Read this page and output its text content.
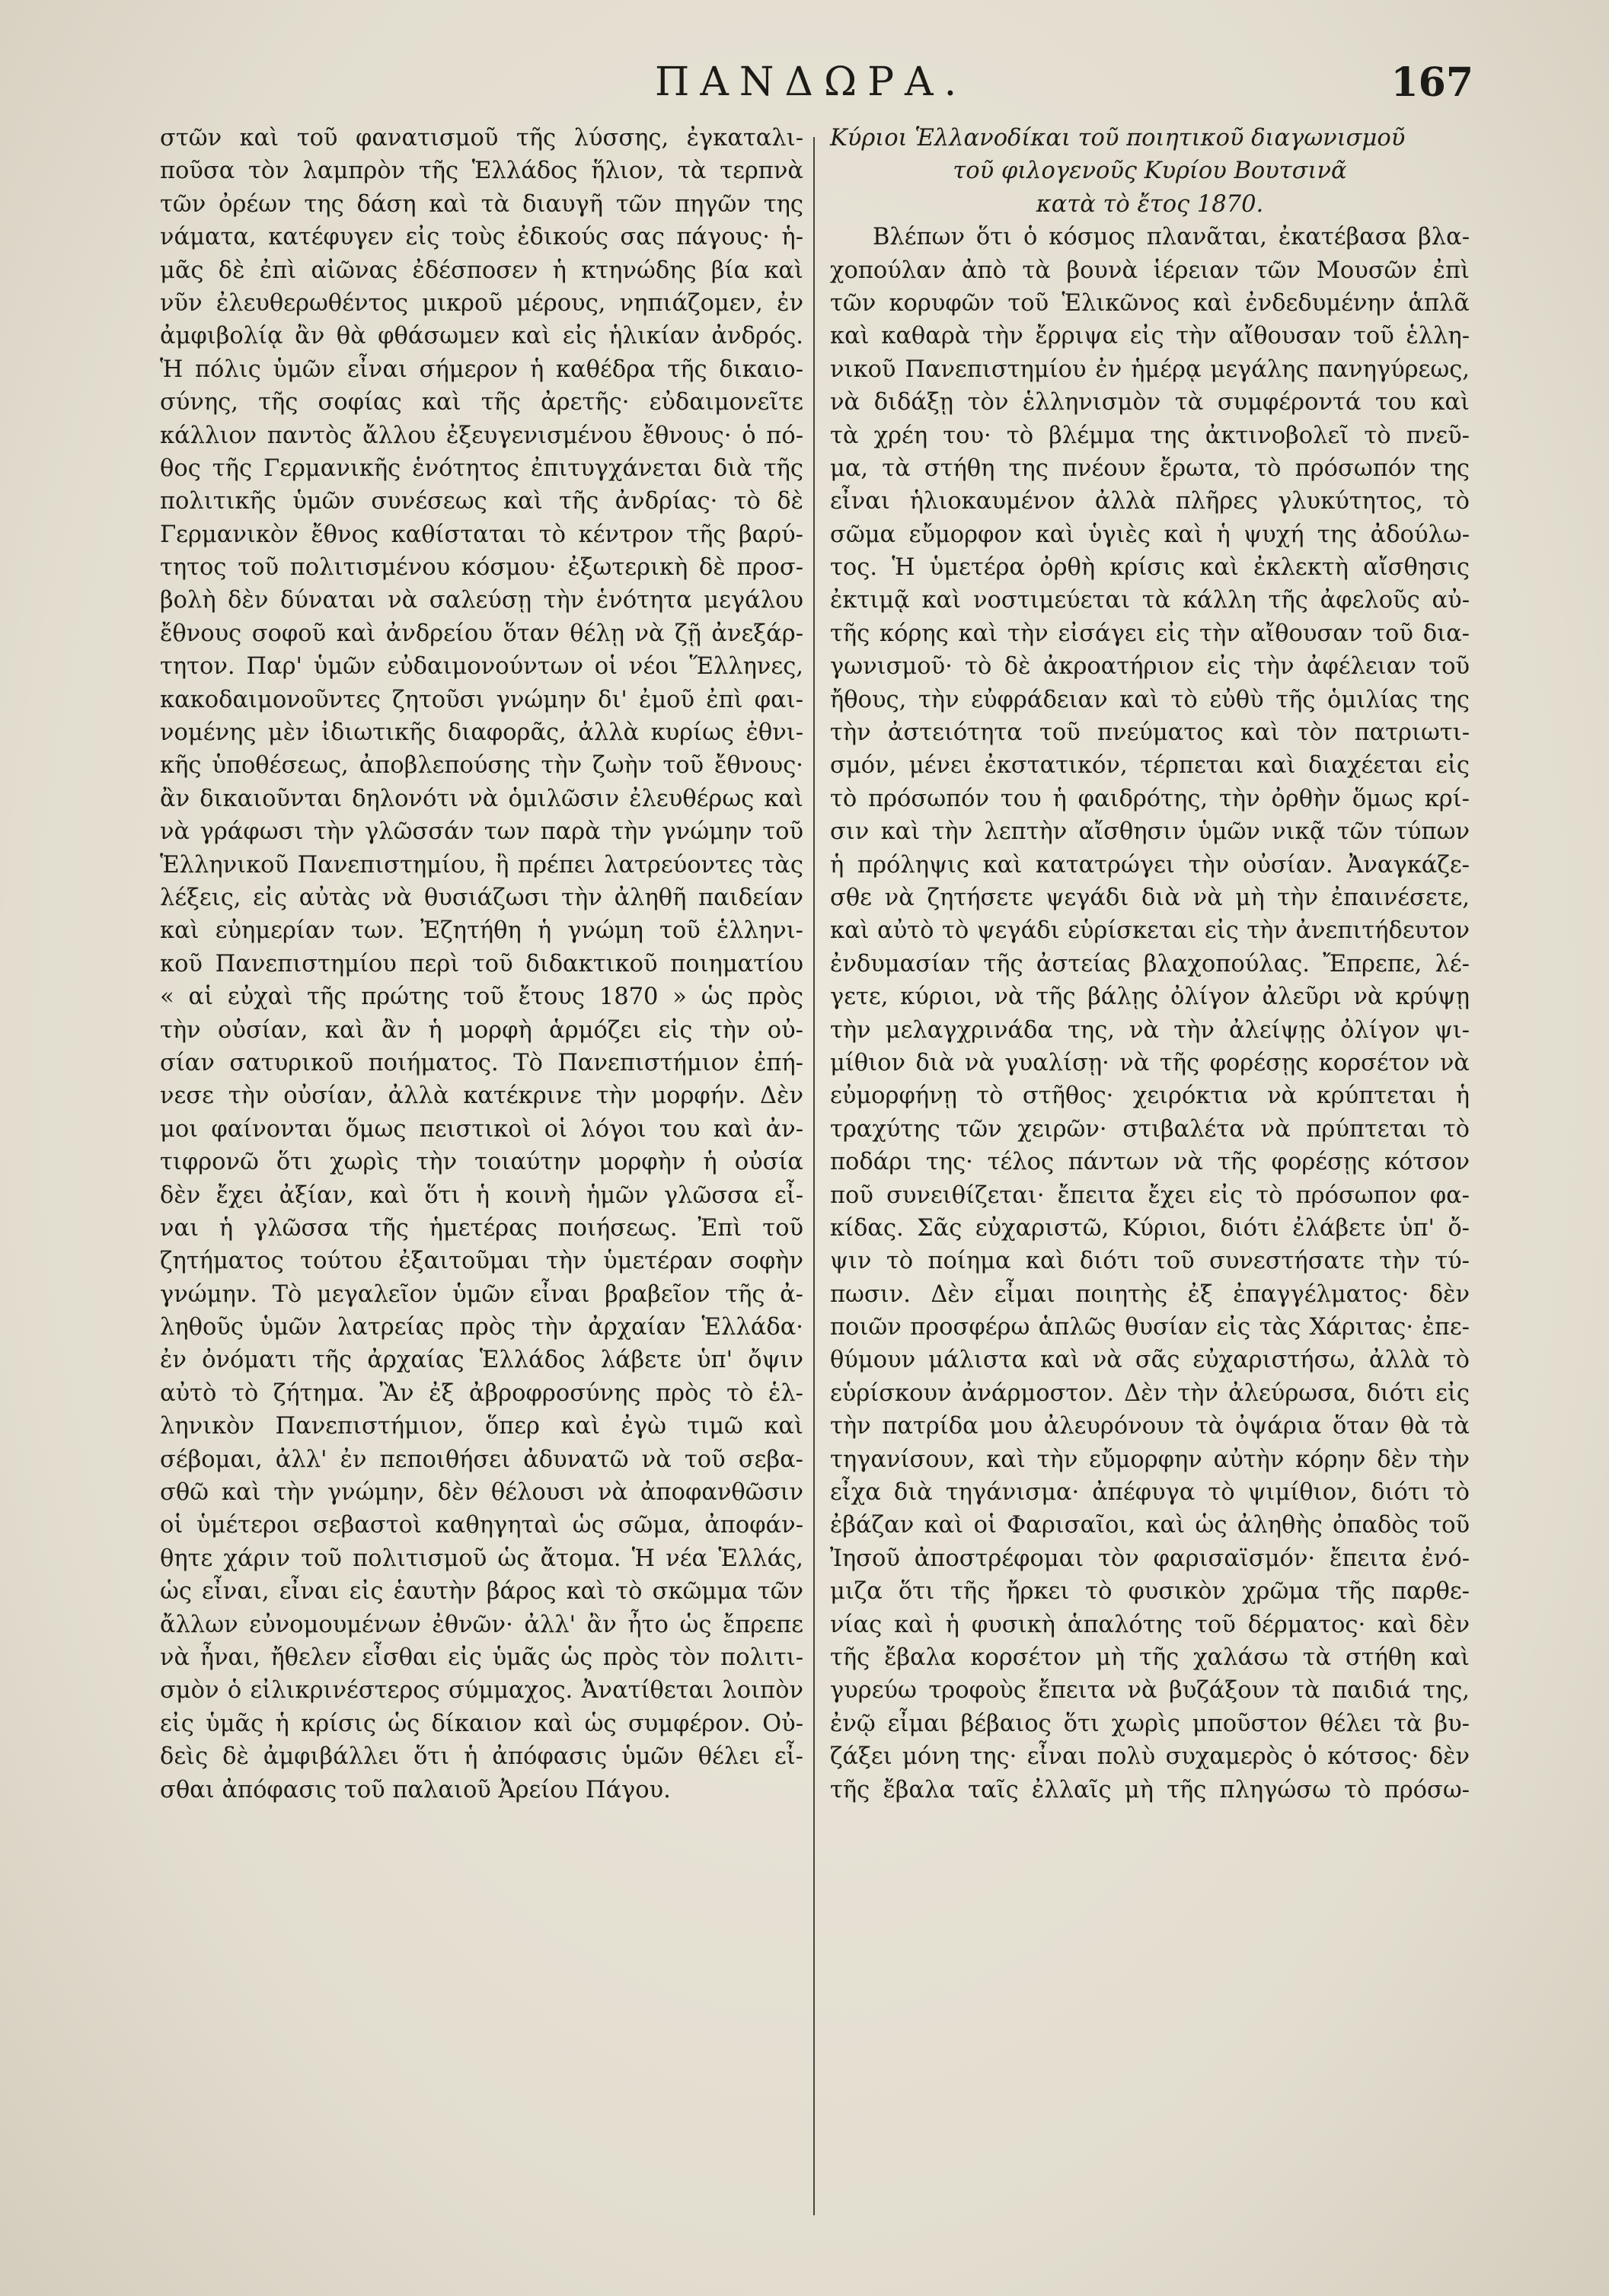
ΠΑΝΔΩΡΑ.	167
στῶν καὶ τοῦ φανατισμοῦ τῆς λύσσης, ἐγκαταλι-
ποῦσα τὸν λαμπρὸν τῆς Ἑλλάδος ἥλιον, τὰ τερπνὰ
τῶν ὀρέων της δάση καὶ τὰ διαυγῆ τῶν πηγῶν της
νάματα, κατέφυγεν εἰς τοὺς ἐδικούς σας πάγους· ἡ-
μᾶς δὲ ἐπὶ αἰῶνας ἐδέσποσεν ἡ κτηνώδης βία καὶ
νῦν ἐλευθερωθέντος μικροῦ μέρους, νηπιάζομεν, ἐν
ἀμφιβολίᾳ ἂν θὰ φθάσωμεν καὶ εἰς ἡλικίαν ἀνδρός.
Ἡ πόλις ὑμῶν εἶναι σήμερον ἡ καθέδρα τῆς δικαιο-
σύνης, τῆς σοφίας καὶ τῆς ἀρετῆς· εὐδαιμονεῖτε
κάλλιον παντὸς ἄλλου ἐξευγενισμένου ἔθνους· ὁ πό-
θος τῆς Γερμανικῆς ἑνότητος ἐπιτυγχάνεται διὰ τῆς
πολιτικῆς ὑμῶν συνέσεως καὶ τῆς ἀνδρίας· τὸ δὲ
Γερμανικὸν ἔθνος καθίσταται τὸ κέντρον τῆς βαρύ-
τητος τοῦ πολιτισμένου κόσμου· ἐξωτερικὴ δὲ προσ-
βολὴ δὲν δύναται νὰ σαλεύσῃ τὴν ἑνότητα μεγάλου
ἔθνους σοφοῦ καὶ ἀνδρείου ὅταν θέλῃ νὰ ζῇ ἀνεξάρ-
τητον. Παρ' ὑμῶν εὐδαιμονούντων οἱ νέοι Ἕλληνες,
κακοδαιμονοῦντες ζητοῦσι γνώμην δι' ἐμοῦ ἐπὶ φαι-
νομένης μὲν ἰδιωτικῆς διαφορᾶς, ἀλλὰ κυρίως ἐθνι-
κῆς ὑποθέσεως, ἀποβλεπούσης τὴν ζωὴν τοῦ ἔθνους·
ἂν δικαιοῦνται δηλονότι νὰ ὁμιλῶσιν ἐλευθέρως καὶ
νὰ γράφωσι τὴν γλῶσσάν των παρὰ τὴν γνώμην τοῦ
Ἑλληνικοῦ Πανεπιστημίου, ἢ πρέπει λατρεύοντες τὰς
λέξεις, εἰς αὐτὰς νὰ θυσιάζωσι τὴν ἀληθῆ παιδείαν
καὶ εὐημερίαν των. Ἐζητήθη ἡ γνώμη τοῦ ἑλληνι-
κοῦ Πανεπιστημίου περὶ τοῦ διδακτικοῦ ποιηματίου
« αἱ εὐχαὶ τῆς πρώτης τοῦ ἔτους 1870 » ὡς πρὸς
τὴν οὐσίαν, καὶ ἂν ἡ μορφὴ ἁρμόζει εἰς τὴν οὐ-
σίαν σατυρικοῦ ποιήματος. Τὸ Πανεπιστήμιον ἐπή-
νεσε τὴν οὐσίαν, ἀλλὰ κατέκρινε τὴν μορφήν. Δὲν
μοι φαίνονται ὅμως πειστικοὶ οἱ λόγοι του καὶ ἀν-
τιφρονῶ ὅτι χωρὶς τὴν τοιαύτην μορφὴν ἡ οὐσία
δὲν ἔχει ἀξίαν, καὶ ὅτι ἡ κοινὴ ἡμῶν γλῶσσα εἶ-
ναι ἡ γλῶσσα τῆς ἡμετέρας ποιήσεως. Ἐπὶ τοῦ
ζητήματος τούτου ἐξαιτοῦμαι τὴν ὑμετέραν σοφὴν
γνώμην. Τὸ μεγαλεῖον ὑμῶν εἶναι βραβεῖον τῆς ἀ-
ληθοῦς ὑμῶν λατρείας πρὸς τὴν ἀρχαίαν Ἑλλάδα·
ἐν ὀνόματι τῆς ἀρχαίας Ἑλλάδος λάβετε ὑπ' ὄψιν
αὐτὸ τὸ ζήτημα. Ἂν ἐξ ἀβροφροσύνης πρὸς τὸ ἑλ-
ληνικὸν Πανεπιστήμιον, ὅπερ καὶ ἐγὼ τιμῶ καὶ
σέβομαι, ἀλλ' ἐν πεποιθήσει ἀδυνατῶ νὰ τοῦ σεβα-
σθῶ καὶ τὴν γνώμην, δὲν θέλουσι νὰ ἀποφανθῶσιν
οἱ ὑμέτεροι σεβαστοὶ καθηγηταὶ ὡς σῶμα, ἀποφάν-
θητε χάριν τοῦ πολιτισμοῦ ὡς ἄτομα. Ἡ νέα Ἑλλάς,
ὡς εἶναι, εἶναι εἰς ἑαυτὴν βάρος καὶ τὸ σκῶμμα τῶν
ἄλλων εὐνομουμένων ἐθνῶν· ἀλλ' ἂν ἦτο ὡς ἔπρεπε
νὰ ἦναι, ἤθελεν εἶσθαι εἰς ὑμᾶς ὡς πρὸς τὸν πολιτι-
σμὸν ὁ εἰλικρινέστερος σύμμαχος. Ἀνατίθεται λοιπὸν
εἰς ὑμᾶς ἡ κρίσις ὡς δίκαιον καὶ ὡς συμφέρον. Οὐ-
δεὶς δὲ ἀμφιβάλλει ὅτι ἡ ἀπόφασις ὑμῶν θέλει εἶ-
σθαι ἀπόφασις τοῦ παλαιοῦ Ἀρείου Πάγου.
Κύριοι Ἑλλανοδίκαι τοῦ ποιητικοῦ διαγωνισμοῦ
τοῦ φιλογενοῦς Κυρίου Βουτσινᾶ
κατὰ τὸ ἔτος 1870.
Βλέπων ὅτι ὁ κόσμος πλανᾶται, ἐκατέβασα βλα-
χοπούλαν ἀπὸ τὰ βουνὰ ἱέρειαν τῶν Μουσῶν ἐπὶ
τῶν κορυφῶν τοῦ Ἑλικῶνος καὶ ἐνδεδυμένην ἁπλᾶ
καὶ καθαρὰ τὴν ἔρριψα εἰς τὴν αἴθουσαν τοῦ ἑλλη-
νικοῦ Πανεπιστημίου ἐν ἡμέρᾳ μεγάλης πανηγύρεως,
νὰ διδάξῃ τὸν ἑλληνισμὸν τὰ συμφέροντά του καὶ
τὰ χρέη του· τὸ βλέμμα της ἀκτινοβολεῖ τὸ πνεῦ-
μα, τὰ στήθη της πνέουν ἔρωτα, τὸ πρόσωπόν της
εἶναι ἡλιοκαυμένον ἀλλὰ πλῆρες γλυκύτητος, τὸ
σῶμα εὔμορφον καὶ ὑγιὲς καὶ ἡ ψυχή της ἀδούλω-
τος. Ἡ ὑμετέρα ὀρθὴ κρίσις καὶ ἐκλεκτὴ αἴσθησις
ἐκτιμᾷ καὶ νοστιμεύεται τὰ κάλλη τῆς ἀφελοῦς αὐ-
τῆς κόρης καὶ τὴν εἰσάγει εἰς τὴν αἴθουσαν τοῦ δια-
γωνισμοῦ· τὸ δὲ ἀκροατήριον εἰς τὴν ἀφέλειαν τοῦ
ἤθους, τὴν εὐφράδειαν καὶ τὸ εὐθὺ τῆς ὁμιλίας της
τὴν ἀστειότητα τοῦ πνεύματος καὶ τὸν πατριωτι-
σμόν, μένει ἐκστατικόν, τέρπεται καὶ διαχέεται εἰς
τὸ πρόσωπόν του ἡ φαιδρότης, τὴν ὀρθὴν ὅμως κρί-
σιν καὶ τὴν λεπτὴν αἴσθησιν ὑμῶν νικᾷ τῶν τύπων
ἡ πρόληψις καὶ κατατρώγει τὴν οὐσίαν. Ἀναγκάζε-
σθε νὰ ζητήσετε ψεγάδι διὰ νὰ μὴ τὴν ἐπαινέσετε,
καὶ αὐτὸ τὸ ψεγάδι εὑρίσκεται εἰς τὴν ἀνεπιτήδευτον
ἐνδυμασίαν τῆς ἀστείας βλαχοπούλας. Ἔπρεπε, λέ-
γετε, κύριοι, νὰ τῆς βάλῃς ὀλίγον ἀλεῦρι νὰ κρύψῃ
τὴν μελαγχρινάδα της, νὰ τὴν ἀλείψῃς ὀλίγον ψι-
μίθιον διὰ νὰ γυαλίσῃ· νὰ τῆς φορέσῃς κορσέτον νὰ
εὐμορφήνῃ τὸ στῆθος· χειρόκτια νὰ κρύπτεται ἡ
τραχύτης τῶν χειρῶν· στιβαλέτα νὰ πρύπτεται τὸ
ποδάρι της· τέλος πάντων νὰ τῆς φορέσῃς κότσον
ποῦ συνειθίζεται· ἔπειτα ἔχει εἰς τὸ πρόσωπον φα-
κίδας. Σᾶς εὐχαριστῶ, Κύριοι, διότι ἐλάβετε ὑπ' ὄ-
ψιν τὸ ποίημα καὶ διότι τοῦ συνεστήσατε τὴν τύ-
πωσιν. Δὲν εἶμαι ποιητὴς ἐξ ἐπαγγέλματος· δὲν
ποιῶν προσφέρω ἁπλῶς θυσίαν εἰς τὰς Χάριτας· ἐπε-
θύμουν μάλιστα καὶ νὰ σᾶς εὐχαριστήσω, ἀλλὰ τὸ
εὑρίσκουν ἀνάρμοστον. Δὲν τὴν ἀλεύρωσα, διότι εἰς
τὴν πατρίδα μου ἀλευρόνουν τὰ ὀψάρια ὅταν θὰ τὰ
τηγανίσουν, καὶ τὴν εὔμορφην αὐτὴν κόρην δὲν τὴν
εἶχα διὰ τηγάνισμα· ἀπέφυγα τὸ ψιμίθιον, διότι τὸ
ἐβάζαν καὶ οἱ Φαρισαῖοι, καὶ ὡς ἀληθὴς ὀπαδὸς τοῦ
Ἰησοῦ ἀποστρέφομαι τὸν φαρισαϊσμόν· ἔπειτα ἐνό-
μιζα ὅτι τῆς ἤρκει τὸ φυσικὸν χρῶμα τῆς παρθε-
νίας καὶ ἡ φυσικὴ ἁπαλότης τοῦ δέρματος· καὶ δὲν
τῆς ἔβαλα κορσέτον μὴ τῆς χαλάσω τὰ στήθη καὶ
γυρεύω τροφοὺς ἔπειτα νὰ βυζάξουν τὰ παιδιά της,
ἐνῷ εἶμαι βέβαιος ὅτι χωρὶς μποῦστον θέλει τὰ βυ-
ζάξει μόνη της· εἶναι πολὺ συχαμερὸς ὁ κότσος· δὲν
τῆς ἔβαλα ταῖς ἐλλαῖς μὴ τῆς πληγώσω τὸ πρόσω-
